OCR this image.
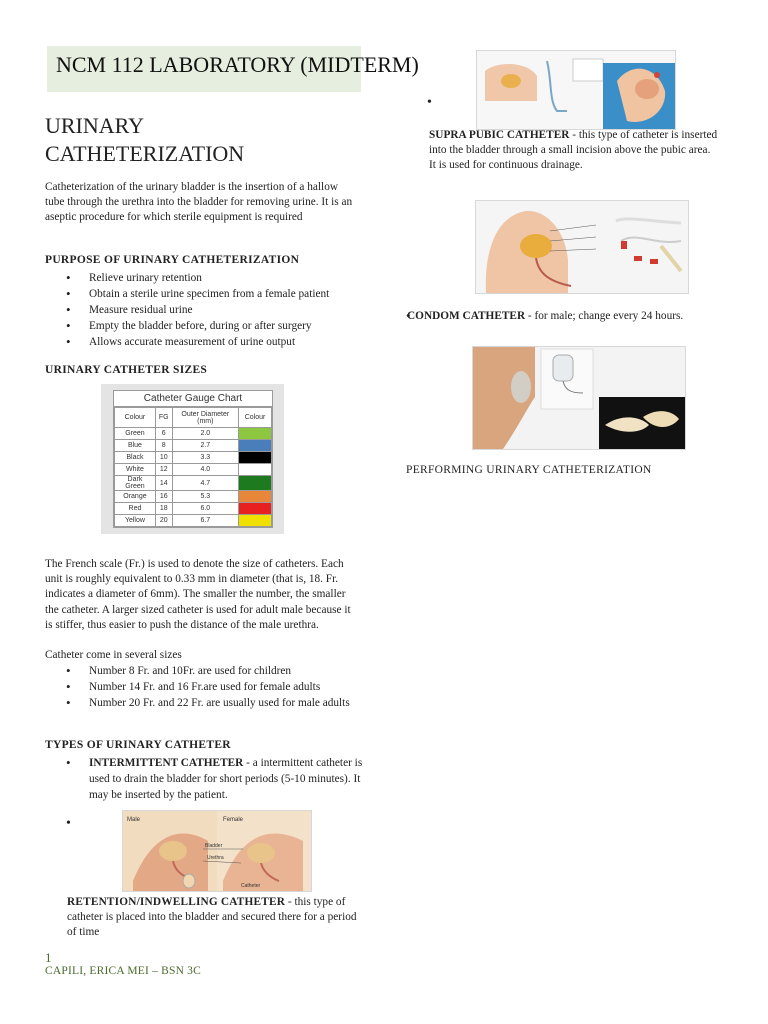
NCM 112 LABORATORY (MIDTERM)
URINARY
CATHETERIZATION

Catheterization of the urinary bladder is the insertion of a hallow tube through the urethra into the bladder for removing urine. It is an aseptic procedure for which sterile equipment is required

PURPOSE OF URINARY CATHETERIZATION
• Relieve urinary retention
• Obtain a sterile urine specimen from a female patient
• Measure residual urine
• Empty the bladder before, during or after surgery
• Allows accurate measurement of urine output
URINARY CATHETER SIZES
Catheter Gauge Chart
Colour	FG	Outer Diameter (mm)	Colour
Green	6	2.0	
Blue	8	2.7	
Black	10	3.3	
White	12	4.0	
Dark Green	14	4.7	
Orange	16	5.3	
Red	18	6.0	
Yellow	20	6.7	

The French scale (Fr.) is used to denote the size of catheters. Each unit is roughly equivalent to 0.33 mm in diameter (that is, 18. Fr. indicates a diameter of 6mm). The smaller the number, the smaller the catheter. A larger sized catheter is used for adult male because it is stiffer, thus easier to push the distance of the male urethra.

Catheter come in several sizes

• Number 8 Fr. and 10Fr. are used for children
• Number 14 Fr. and 16 Fr.are used for female adults
• Number 20 Fr. and 22 Fr. are usually used for male adults
TYPES OF URINARY CATHETER
• INTERMITTENT CATHETER - a intermittent catheter is used to drain the bladder for short periods (5-10 minutes). It may be inserted by the patient.
•	Male	Female
Bladder
Urethra
Catheter

RETENTION/INDWELLING CATHETER - this type of catheter is placed into the bladder and secured there for a period of time

1
CAPILI, ERICA MEI – BSN 3C
•

SUPRA PUBIC CATHETER - this type of catheter is inserted into the bladder through a small incision above the pubic area. It is used for continuous drainage.

• CONDOM CATHETER - for male; change every 24 hours.
PERFORMING URINARY CATHETERIZATION
